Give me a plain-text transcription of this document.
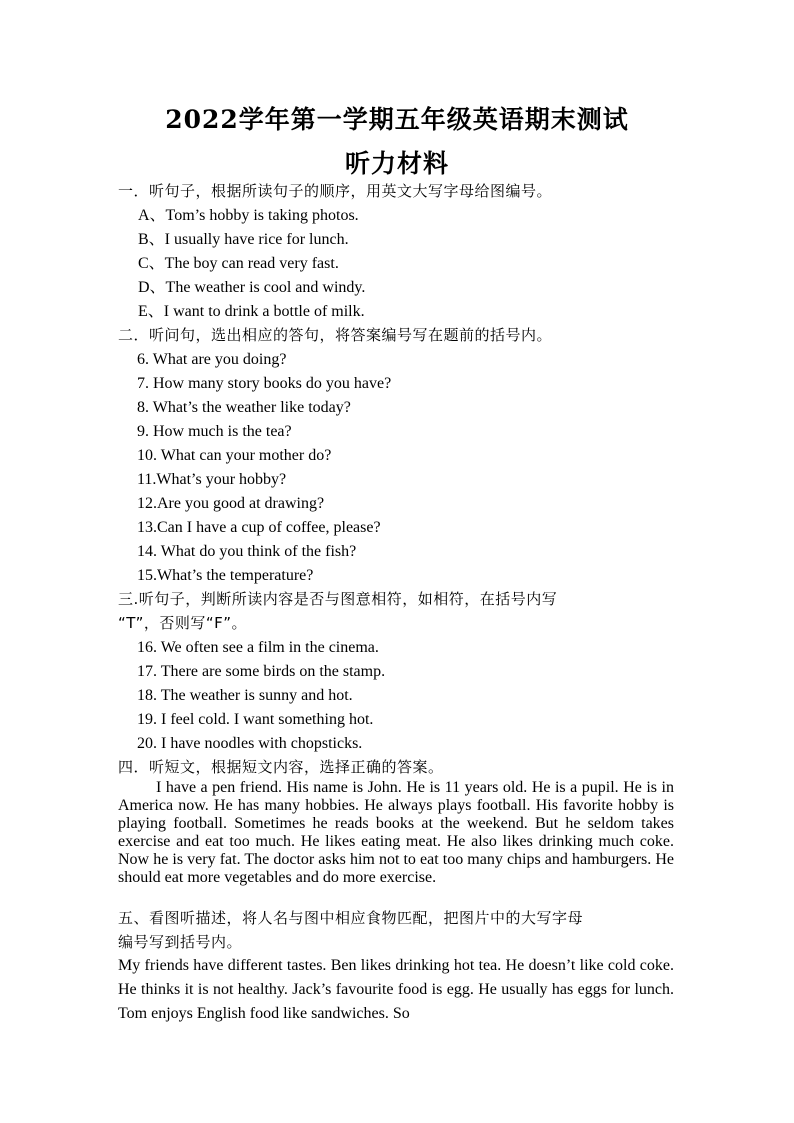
2022学年第一学期五年级英语期末测试
听力材料
一．听句子，根据所读句子的顺序，用英文大写字母给图编号。
A、Tom’s hobby is taking photos.
B、I usually have rice for lunch.
C、The boy can read very fast.
D、The weather is cool and windy.
E、I want to drink a bottle of milk.
二．听问句，选出相应的答句，将答案编号写在题前的括号内。
6. What are you doing?
7. How many story books do you have?
8. What’s the weather like today?
9. How much is the tea?
10. What can your mother do?
11.What’s your hobby?
12.Are you good at drawing?
13.Can I have a cup of coffee, please?
14. What do you think of the fish?
15.What’s the temperature?
三.听句子，判断所读内容是否与图意相符，如相符，在括号内写
“T”，否则写“F”。
16. We often see a film in the cinema.
17. There are some birds on the stamp.
18. The weather is sunny and hot.
19. I feel cold. I want something hot.
20. I have noodles with chopsticks.
四．听短文，根据短文内容，选择正确的答案。
I have a pen friend. His name is John. He is 11 years old. He is a pupil. He is in America now. He has many hobbies. He always plays football. His favorite hobby is playing football. Sometimes he reads books at the weekend. But he seldom takes exercise and eat too much. He likes eating meat. He also likes drinking much coke. Now he is very fat. The doctor asks him not to eat too many chips and hamburgers. He should eat more vegetables and do more exercise.
五、看图听描述，将人名与图中相应食物匹配，把图片中的大写字母
编号写到括号内。
My friends have different tastes. Ben likes drinking hot tea. He doesn’t like cold coke. He thinks it is not healthy. Jack’s favourite food is egg. He usually has eggs for lunch. Tom enjoys English food like sandwiches. So
